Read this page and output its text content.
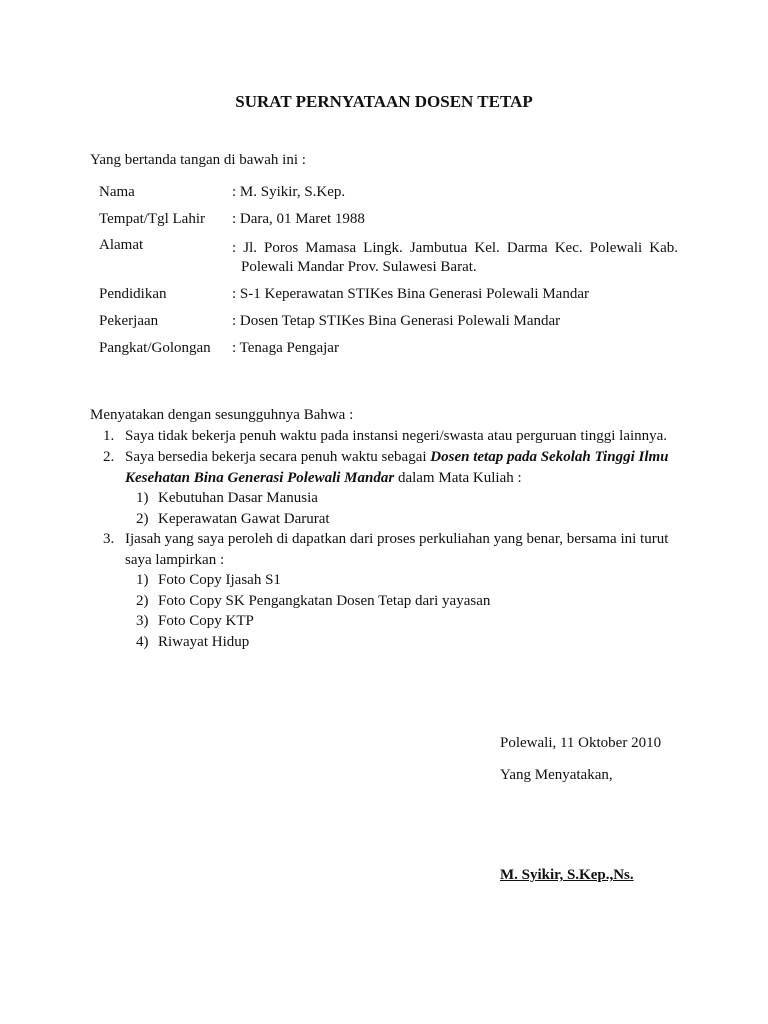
SURAT PERNYATAAN DOSEN TETAP
Yang bertanda tangan di bawah ini :
Nama	: M. Syikir, S.Kep.
Tempat/Tgl Lahir : Dara, 01 Maret 1988
Alamat	: Jl. Poros Mamasa Lingk. Jambutua Kel. Darma Kec. Polewali Kab.
Polewali Mandar Prov. Sulawesi Barat.
Pendidikan	: S-1 Keperawatan STIKes Bina Generasi Polewali Mandar
Pekerjaan	: Dosen Tetap STIKes Bina Generasi Polewali Mandar
Pangkat/Golongan : Tenaga Pengajar
Menyatakan dengan sesungguhnya Bahwa :
1. Saya tidak bekerja penuh waktu pada instansi negeri/swasta atau perguruan tinggi lainnya.
2. Saya bersedia bekerja secara penuh waktu sebagai Dosen tetap pada Sekolah Tinggi Ilmu
Kesehatan Bina Generasi Polewali Mandar dalam Mata Kuliah :
1) Kebutuhan Dasar Manusia
2) Keperawatan Gawat Darurat
3. Ijasah yang saya peroleh di dapatkan dari proses perkuliahan yang benar, bersama ini turut
saya lampirkan :
1) Foto Copy Ijasah S1
2) Foto Copy SK Pengangkatan Dosen Tetap dari yayasan
3) Foto Copy KTP
4) Riwayat Hidup
Polewali, 11 Oktober 2010
Yang Menyatakan,
M. Syikir, S.Kep.,Ns.
